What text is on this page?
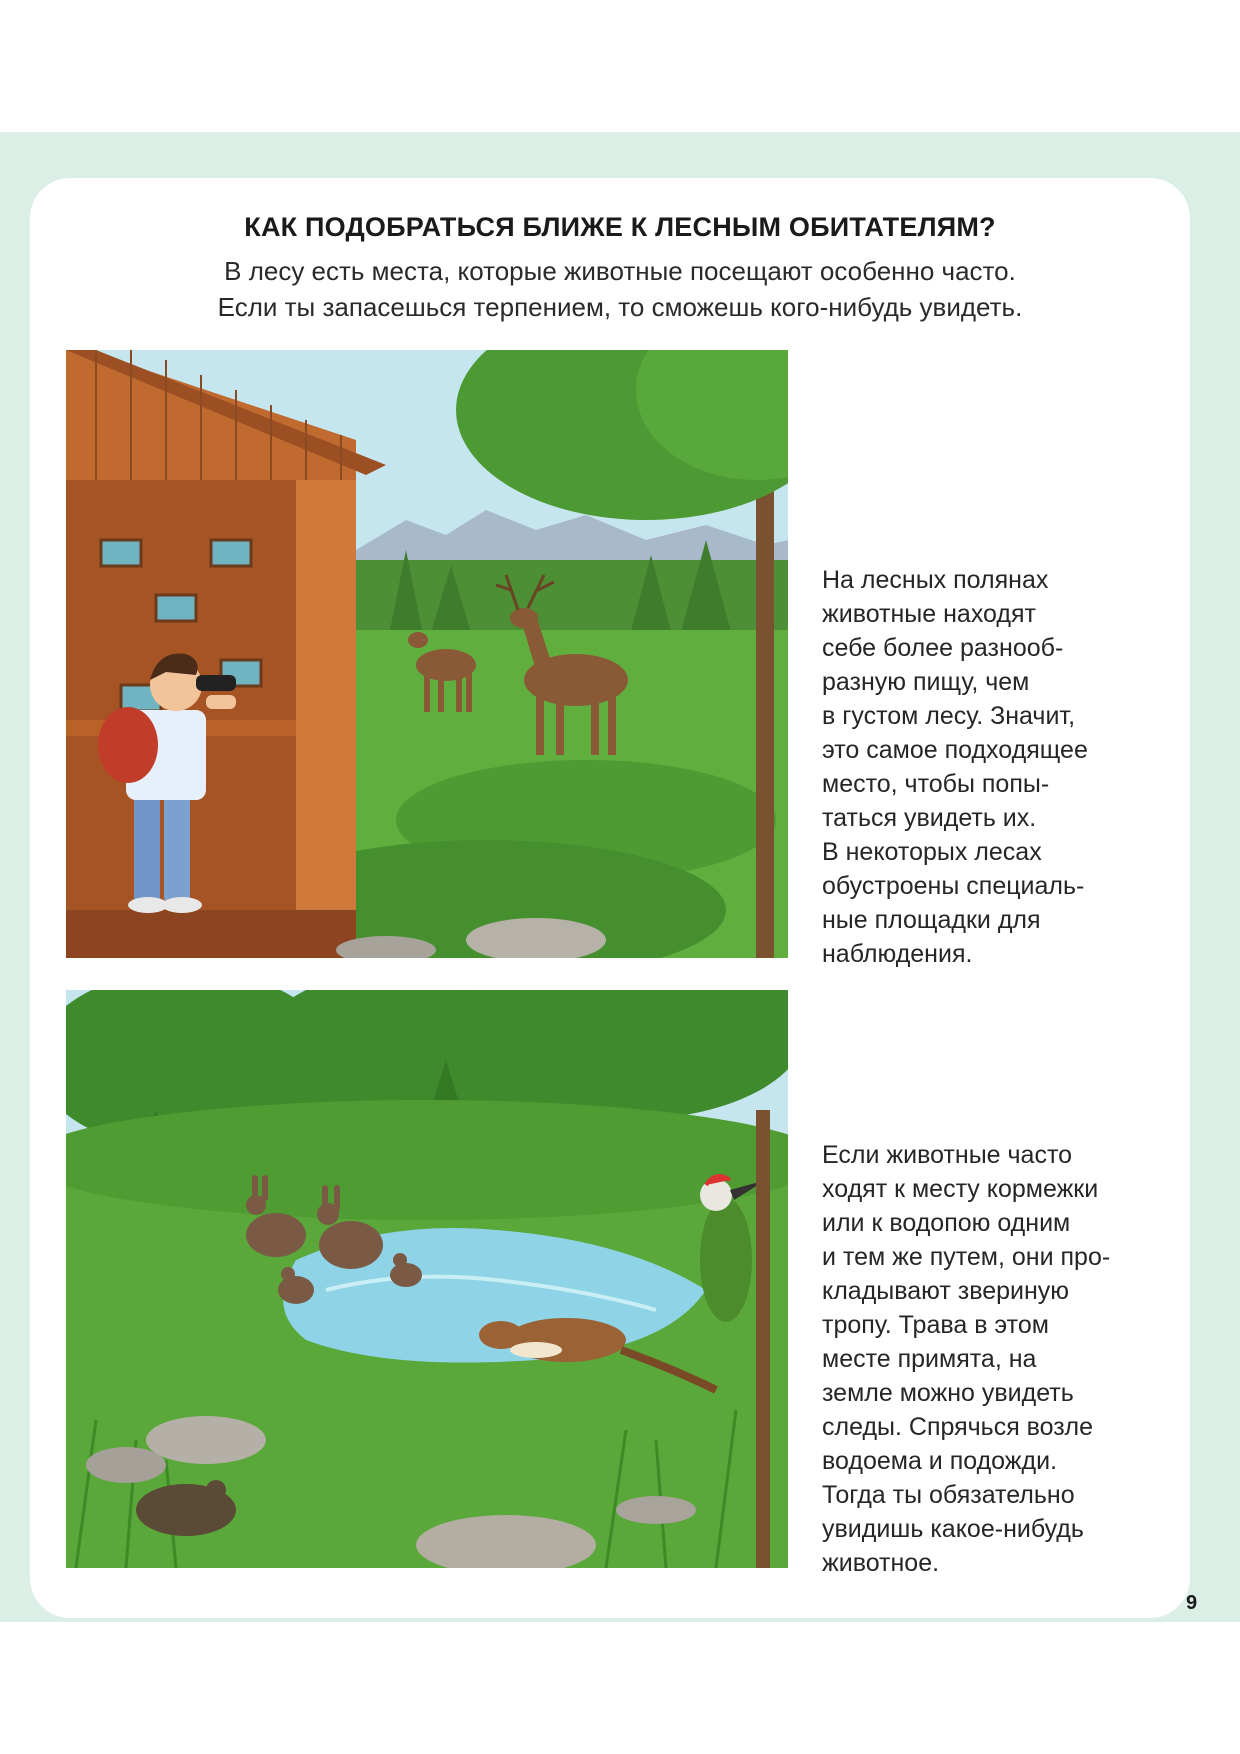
КАК ПОДОБРАТЬСЯ БЛИЖЕ К ЛЕСНЫМ ОБИТАТЕЛЯМ?

В лесу есть места, которые животные посещают особенно часто.

Если ты запасешься терпением, то сможешь кого-нибудь увидеть.

На лесных полянах
животные находят
себе более разнооб-
разную пищу, чем
в густом лесу. Значит,
это самое подходящее
место, чтобы попы-
таться увидеть их.
В некоторых лесах
обустроены специаль-
ные площадки для
наблюдения.

Если животные часто
ходят к месту кормежки
или к водопою одним
и тем же путем, они про-
кладывают звериную
тропу. Трава в этом
месте примята, на
земле можно увидеть
следы. Спрячься возле
водоема и подожди.
Тогда ты обязательно
увидишь какое-нибудь
животное.

9
